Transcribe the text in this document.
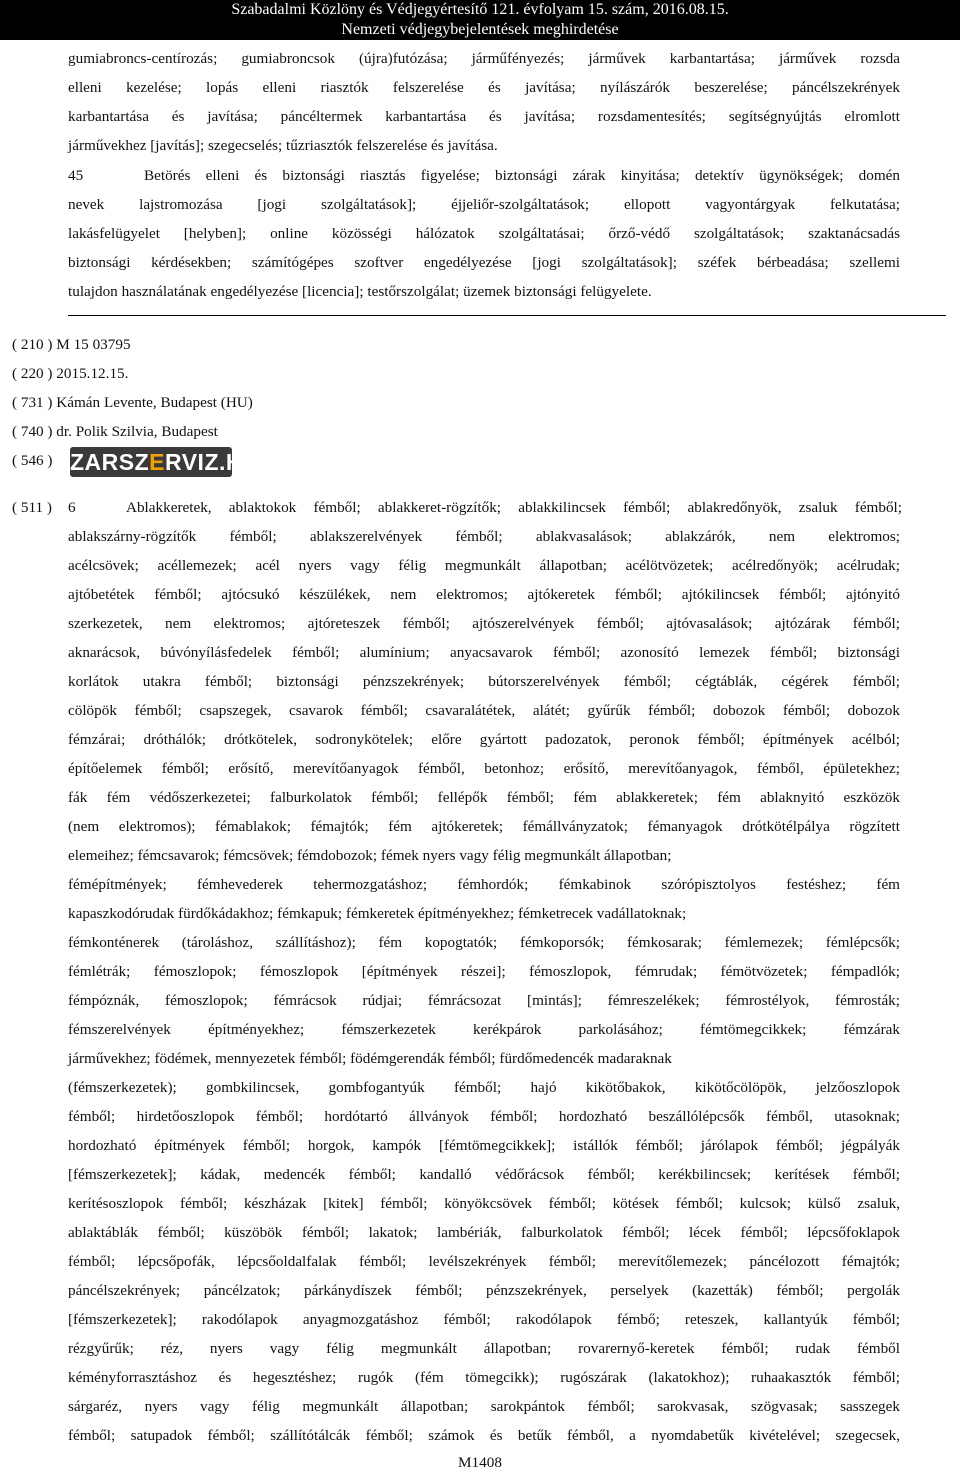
Szabadalmi Közlöny és Védjegyértesítő 121. évfolyam 15. szám, 2016.08.15.
Nemzeti védjegybejelentések meghirdetése
gumiabroncs-centírozás; gumiabroncsok (újra)futózása; járműfényezés; járművek karbantartása; járművek rozsda
elleni kezelése; lopás elleni riasztók felszerelése és javítása; nyílászárók beszerelése; páncélszekrények
karbantartása és javítása; páncéltermek karbantartása és javítása; rozsdamentesítés; segítségnyújtás elromlott
járművekhez [javítás]; szegecselés; tűzriasztók felszerelése és javítása.
45    Betörés elleni és biztonsági riasztás figyelése; biztonsági zárak kinyitása; detektív ügynökségek; domén
nevek lajstromozása [jogi szolgáltatások]; éjjeliőr-szolgáltatások; ellopott vagyontárgyak felkutatása;
lakásfelügyelet [helyben]; online közösségi hálózatok szolgáltatásai; őrző-védő szolgáltatások; szaktanácsadás
biztonsági kérdésekben; számítógépes szoftver engedélyezése [jogi szolgáltatások]; széfek bérbeadása; szellemi
tulajdon használatának engedélyezése [licencia]; testőrszolgálat; üzemek biztonsági felügyelete.
( 210 ) M 15 03795
( 220 ) 2015.12.15.
( 731 ) Kámán Levente, Budapest (HU)
( 740 ) dr. Polik Szilvia, Budapest
( 546 ) ZARSZERVIZ.HU
( 511 ) 6	Ablakkeretek, ablaktokok fémből; ablakkeret-rögzítők; ablakkilincsek fémből; ablakredőnyök, zsaluk fémből;
ablakszárny-rögzítők fémből; ablakszerelvények fémből; ablakvasalások; ablakzárók, nem elektromos;
acélcsövek; acéllemezek; acél nyers vagy félig megmunkált állapotban; acélötvözetek; acélredőnyök; acélrudak;
ajtóbetétek fémből; ajtócsukó készülékek, nem elektromos; ajtókeretek fémből; ajtókilincsek fémből; ajtónyitó
szerkezetek, nem elektromos; ajtóreteszek fémből; ajtószerelvények fémből; ajtóvasalások; ajtózárak fémből;
aknarácsok, búvónyílásfedelek fémből; alumínium; anyacsavarok fémből; azonosító lemezek fémből; biztonsági
korlátok utakra fémből; biztonsági pénzszekrények; bútorszerelvények fémből; cégtáblák, cégérek fémből;
cölöpök fémből; csapszegek, csavarok fémből; csavaralátétek, alátét; gyűrűk fémből; dobozok fémből; dobozok
fémzárai; dróthálók; drótkötelek, sodronykötelek; előre gyártott padozatok, peronok fémből; építmények acélból;
építőelemek fémből; erősítő, merevítőanyagok fémből, betonhoz; erősítő, merevítőanyagok, fémből, épületekhez;
fák fém védőszerkezetei; falburkolatok fémből; fellépők fémből; fém ablakkeretek; fém ablaknyitó eszközök
(nem elektromos); fémablakok; fémajtók; fém ajtókeretek; fémállványzatok; fémanyagok drótkötélpálya rögzített
elemeihez; fémcsavarok; fémcsövek; fémdobozok; fémek nyers vagy félig megmunkált állapotban;
fémépítmények; fémhevederek tehermozgatáshoz; fémhordók; fémkabinok szórópisztolyos festéshez; fém
kapaszkodórudak fürdőkádakhoz; fémkapuk; fémkeretek építményekhez; fémketrecek vadállatoknak;
fémkonténerek (tároláshoz, szállításhoz); fém kopogtatók; fémkoporsók; fémkosarak; fémlemezek; fémlépcsők;
fémlétrák; fémoszlopok; fémoszlopok [építmények részei]; fémoszlopok, fémrudak; fémötvözetek; fémpadlók;
fémpóznák, fémoszlopok; fémrácsok rúdjai; fémrácsozat [mintás]; fémreszelékek; fémrostélyok, fémrosták;
fémszerelvények építményekhez; fémszerkezetek kerékpárok parkolásához; fémtömegcikkek; fémzárak
járművekhez; födémek, mennyezetek fémből; födémgerendák fémből; fürdőmedencék madaraknak
(fémszerkezetek); gombkilincsek, gombfogantyúk fémből; hajó kikötőbakok, kikötőcölöpök, jelzőoszlopok
fémből; hirdetőoszlopok fémből; hordótartó állványok fémből; hordozható beszállólépcsők fémből, utasoknak;
hordozható építmények fémből; horgok, kampók [fémtömegcikkek]; istállók fémből; járólapok fémből; jégpályák
[fémszerkezetek]; kádak, medencék fémből; kandalló védőrácsok fémből; kerékbilincsek; kerítések fémből;
kerítésoszlopok fémből; készházak [kitek] fémből; könyökcsövek fémből; kötések fémből; kulcsok; külső zsaluk,
ablaktáblák fémből; küszöbök fémből; lakatok; lambériák, falburkolatok fémből; lécek fémből; lépcsőfoklapok
fémből; lépcsőpofák, lépcsőoldalfalak fémből; levélszekrények fémből; merevítőlemezek; páncélozott fémajtók;
páncélszekrények; páncélzatok; párkánydíszek fémből; pénzszekrények, perselyek (kazetták) fémből; pergolák
[fémszerkezetek]; rakodólapok anyagmozgatáshoz fémből; rakodólapok fémbő; reteszek, kallantyúk fémből;
rézgyűrűk; réz, nyers vagy félig megmunkált állapotban; rovarernyő-keretek fémből; rudak fémből
kéményforrasztáshoz és hegesztéshez; rugók (fém tömegcikk); rugószárak (lakatokhoz); ruhaakasztók fémből;
sárgaréz, nyers vagy félig megmunkált állapotban; sarokpántok fémből; sarokvasak, szögvasak; sasszegek
fémből; satupadok fémből; szállítótálcák fémből; számok és betűk fémből, a nyomdabetűk kivételével; szegecsek,
M1408
